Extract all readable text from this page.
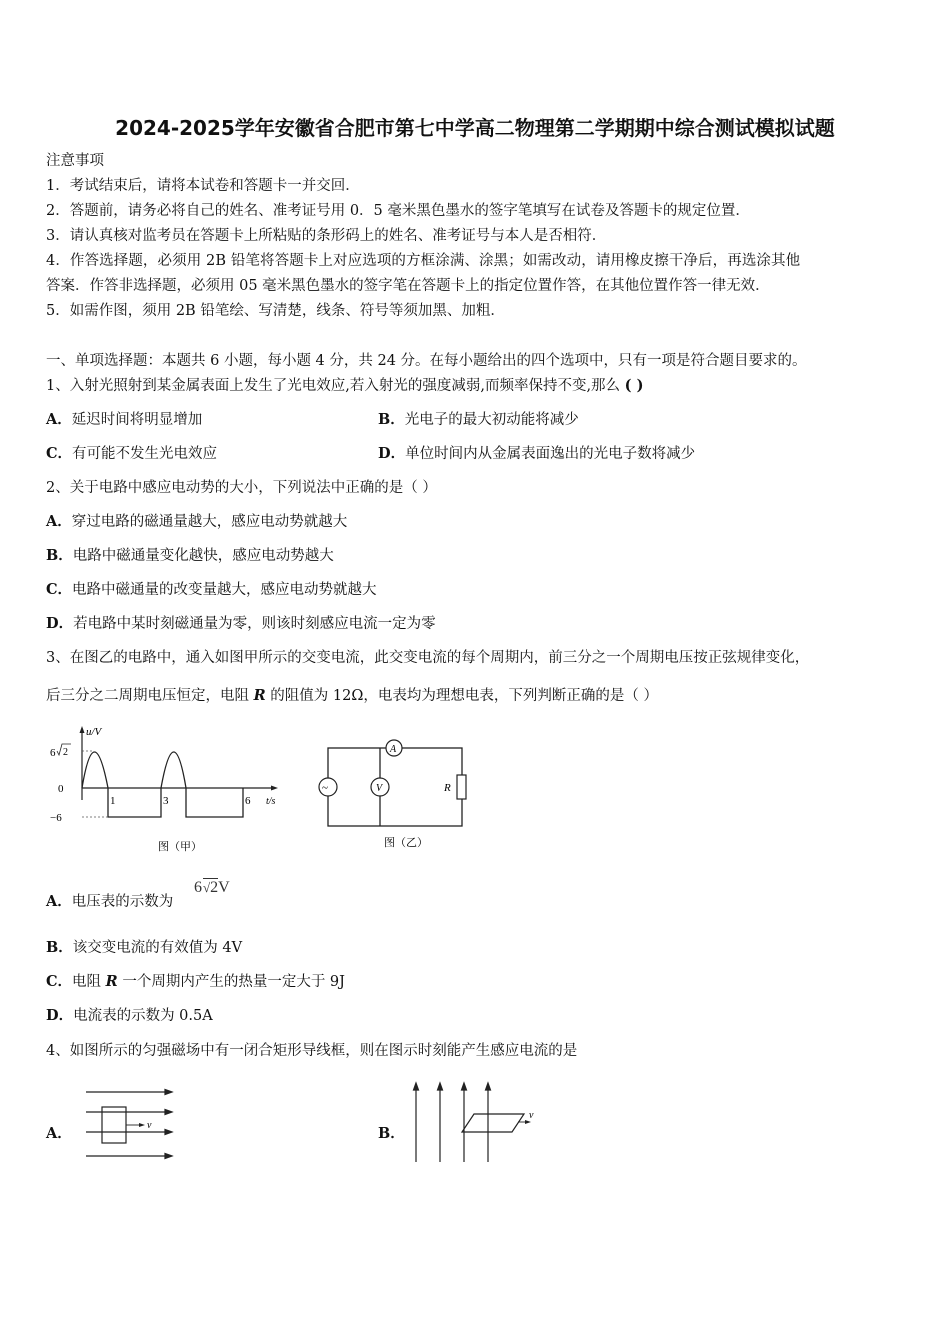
2024-2025学年安徽省合肥市第七中学高二物理第二学期期中综合测试模拟试题
注意事项
1．考试结束后，请将本试卷和答题卡一并交回．
2．答题前，请务必将自己的姓名、准考证号用 0．5 毫米黑色墨水的签字笔填写在试卷及答题卡的规定位置．
3．请认真核对监考员在答题卡上所粘贴的条形码上的姓名、准考证号与本人是否相符．
4．作答选择题，必须用 2B 铅笔将答题卡上对应选项的方框涂满、涂黑；如需改动，请用橡皮擦干净后，再选涂其他
答案．作答非选择题，必须用 05 毫米黑色墨水的签字笔在答题卡上的指定位置作答，在其他位置作答一律无效．
5．如需作图，须用 2B 铅笔绘、写清楚，线条、符号等须加黑、加粗．
一、单项选择题：本题共 6 小题，每小题 4 分，共 24 分。在每小题给出的四个选项中，只有一项是符合题目要求的。
1、入射光照射到某金属表面上发生了光电效应,若入射光的强度减弱,而频率保持不变,那么 ( )
A．延迟时间将明显增加	B．光电子的最大初动能将减少
C．有可能不发生光电效应	D．单位时间内从金属表面逸出的光电子数将减少
2、关于电路中感应电动势的大小，下列说法中正确的是（ ）
A．穿过电路的磁通量越大，感应电动势就越大
B．电路中磁通量变化越快，感应电动势越大
C．电路中磁通量的改变量越大，感应电动势就越大
D．若电路中某时刻磁通量为零，则该时刻感应电流一定为零
3、在图乙的电路中，通入如图甲所示的交变电流，此交变电流的每个周期内，前三分之一个周期电压按正弦规律变化，
后三分之二周期电压恒定，电阻 R 的阻值为 12Ω，电表均为理想电表，下列判断正确的是（ ）
u/V
t/s
6 2
0
−6
1	3	6
图（甲）
~	V
A
R
图（乙）
A．电压表的示数为
6√2V
B．该交变电流的有效值为 4V
C．电阻 R 一个周期内产生的热量一定大于 9J
D．电流表的示数为 0.5A
4、如图所示的匀强磁场中有一闭合矩形导线框，则在图示时刻能产生感应电流的是
A．	v	B．
v
